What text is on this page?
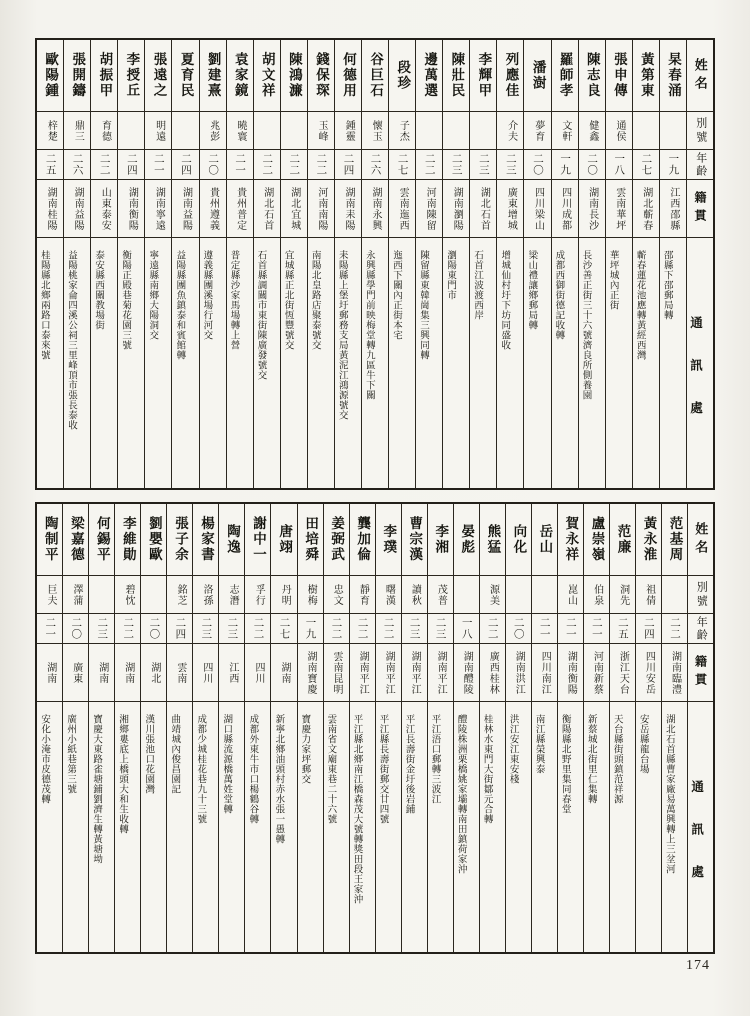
姓名
別號
年齡
籍貫
通訊處
杲春涌
一九
江西邵縣
邵縣下邵郵局轉
黃第東
二七
湖北蘄春
蘄春蓮花池應轉黃經西灣
張申傳
通侯
一八
雲南華坪
華坪城內正街
陳志良
健鑫
二〇
湖南長沙
長沙善正街三十六號濟良所側養園
羅師孝
文軒
一九
四川成都
成都西御街德記收轉
潘澍
夢育
二〇
四川梁山
梁山禮讓鄉郵局轉
列應佳
介夫
二三
廣東增城
增城仙村圩下坊同盛收
李輝甲
二三
湖北石首
石首江波渡西岸
陳壯民
二三
湖南瀏陽
瀏陽東門市
邊萬選
二二
河南陳留
陳留縣東韓崗集三興同轉
段珍
子杰
二七
雲南迤西
迤西下關內正街本宅
谷巨石
懷玉
二六
湖南永興
永興縣學門前映梅堂轉九區牛下關
何德用
鍾靈
二四
湖南耒陽
耒陽縣上堡圩郵務支局黃泥江鴻源號交
錢保琛
玉峰
二二
河南南陽
南陽北皇路店聚泰號交
陳鴻濂
二二
湖北宜城
宜城縣正北街恆豐號交
胡文祥
二二
湖北石首
石首縣調關市東街陳廣發號交
袁家鏡
曉寰
二一
貴州普定
普定縣沙家馬場轉上營
劉建熹
兆彭
二〇
貴州遵義
遵義縣團溪場行河交
夏育民
二四
湖南益陽
益陽縣團魚鎮泰和賓館轉
張遠之
明遠
二一
湖南寧遠
寧遠縣南鄉大陽洞交
李授丘
二四
湖南衡陽
衡陽正殿巷菊花園三號
胡振甲
育德
二二
山東泰安
泰安縣西關教場街
張開鑄
鼎三
二六
湖南益陽
益陽桃家侖四溪公祠三里峰頂市張長泰收
歐陽鍾
梓楚
二五
湖南桂陽
桂陽縣北鄉兩路口泰來號
姓名
別號
年齡
籍貫
通訊處
范基周
二二
湖南臨澧
湖北石首縣曹家廠易萬興轉上三坌河
黃永淮
祖倩
二四
四川安岳
安岳縣龍台場
范廉
洞先
二五
浙江天台
天台縣街頭鎮范祥源
盧崇嶺
伯泉
二一
河南新蔡
新蔡城北街里仁集轉
賀永祥
崑山
二一
湖南衡陽
衡陽縣北野里集同春堂
岳山
二一
四川南江
南江縣榮興泰
向化
二〇
湖南洪江
洪江安江東安棧
熊猛
源美
二二
廣西桂林
桂林水東門大街鄒元合轉
晏彪
一八
湖南醴陵
醴陵株洲栗橋姚家壩轉南田鎮荷家沖
李湘
茂普
二三
湖南平江
平江浯口郵轉三波江
曹宗漢
讀秋
二三
湖南平江
平江長壽街金圩後岩鋪
李璞
曙漢
二二
湖南平江
平江縣長壽街郵交廿四號
龔加倫
靜育
二二
湖南平江
平江縣北鄉南江橋森茂大號轉獎田段王家沖
姜弼武
忠文
二二
雲南昆明
雲南省文廟東巷二十六號
田培舜
樹梅
一九
湖南寶慶
寶慶力家坪郵交
唐翊
丹明
二七
湖南
新寧北鄉油頭村赤水張一愚轉
謝中一
孚行
二二
四川
成都外東牛市口楊鶴谷轉
陶逸
志潛
二三
江西
湖口縣流源橋萬姓堂轉
楊家書
洛孫
二三
四川
成都少城桂花巷九十三號
張子余
銘芝
二四
雲南
曲靖城內俊昌園記
劉嬰歐
二〇
湖北
漢川張池口花園灣
李維勛
碧忱
二二
湖南
湘鄉婁底上橋頭大和生收轉
何錫平
二三
湖南
寶慶大東路雀塘鋪劉濟生轉黃塘坳
梁嘉德
澤蒲
二〇
廣東
廣州小紙巷第三號
陶制平
巨夫
二一
湖南
安化小淹市皮德茂轉
174
